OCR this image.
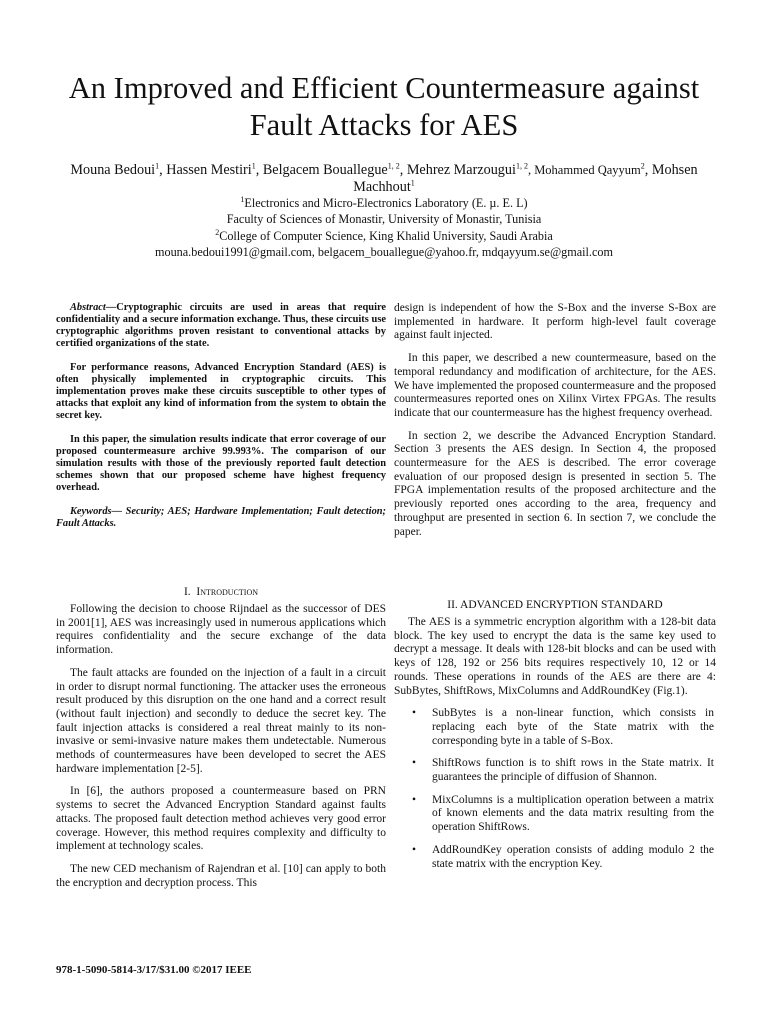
An Improved and Efficient Countermeasure against
Fault Attacks for AES
Mouna Bedoui$^1$, Hassen Mestiri$^1$, Belgacem Bouallegue$^{1, 2}$, Mehrez Marzougui$^{1, 2}$, Mohammed Qayyum$^2$, Mohsen
Machhout$^1$
$^1$Electronics and Micro-Electronics Laboratory (E. µ. E. L)
Faculty of Sciences of Monastir, University of Monastir, Tunisia
$^2$College of Computer Science, King Khalid University, Saudi Arabia
mouna.bedoui1991@gmail.com, belgacem_bouallegue@yahoo.fr, mdqayyum.se@gmail.com

Abstract—Cryptographic circuits are used in areas that require confidentiality and a secure information exchange. Thus, these circuits use cryptographic algorithms proven resistant to conventional attacks by certified organizations of the state.

For performance reasons, Advanced Encryption Standard (AES) is often physically implemented in cryptographic circuits. This implementation proves make these circuits susceptible to other types of attacks that exploit any kind of information from the system to obtain the secret key.

In this paper, the simulation results indicate that error coverage of our proposed countermeasure archive 99.993%. The comparison of our simulation results with those of the previously reported fault detection schemes shown that our proposed scheme have highest frequency overhead.

Keywords— Security; AES; Hardware Implementation; Fault detection; Fault Attacks.

I. Introduction

Following the decision to choose Rijndael as the successor of DES in 2001[1], AES was increasingly used in numerous applications which requires confidentiality and the secure exchange of the data information.

The fault attacks are founded on the injection of a fault in a circuit in order to disrupt normal functioning. The attacker uses the erroneous result produced by this disruption on the one hand and a correct result (without fault injection) and secondly to deduce the secret key. The fault injection attacks is considered a real threat mainly to its non-invasive or semi-invasive nature makes them undetectable. Numerous methods of countermeasures have been developed to secret the AES hardware implementation [2-5].

In [6], the authors proposed a countermeasure based on PRN systems to secret the Advanced Encryption Standard against faults attacks. The proposed fault detection method achieves very good error coverage. However, this method requires complexity and difficulty to implement at technology scales.

The new CED mechanism of Rajendran et al. [10] can apply to both the encryption and decryption process. This

design is independent of how the S-Box and the inverse S-Box are implemented in hardware. It perform high-level fault coverage against fault injected.

In this paper, we described a new countermeasure, based on the temporal redundancy and modification of architecture, for the AES. We have implemented the proposed countermeasure and the proposed countermeasures reported ones on Xilinx Virtex FPGAs. The results indicate that our countermeasure has the highest frequency overhead.

In section 2, we describe the Advanced Encryption Standard. Section 3 presents the AES design. In Section 4, the proposed countermeasure for the AES is described. The error coverage evaluation of our proposed design is presented in section 5. The FPGA implementation results of the proposed architecture and the previously reported ones according to the area, frequency and throughput are presented in section 6. In section 7, we conclude the paper.

II. ADVANCED ENCRYPTION STANDARD

The AES is a symmetric encryption algorithm with a 128-bit data block. The key used to encrypt the data is the same key used to decrypt a message. It deals with 128-bit blocks and can be used with keys of 128, 192 or 256 bits requires respectively 10, 12 or 14 rounds. These operations in rounds of the AES are there are 4: SubBytes, ShiftRows, MixColumns and AddRoundKey (Fig.1).

• SubBytes is a non-linear function, which consists in replacing each byte of the State matrix with the corresponding byte in a table of S-Box.
• ShiftRows function is to shift rows in the State matrix. It guarantees the principle of diffusion of Shannon.
• MixColumns is a multiplication operation between a matrix of known elements and the data matrix resulting from the operation ShiftRows.
• AddRoundKey operation consists of adding modulo 2 the state matrix with the encryption Key.
978-1-5090-5814-3/17/$31.00 ©2017 IEEE
